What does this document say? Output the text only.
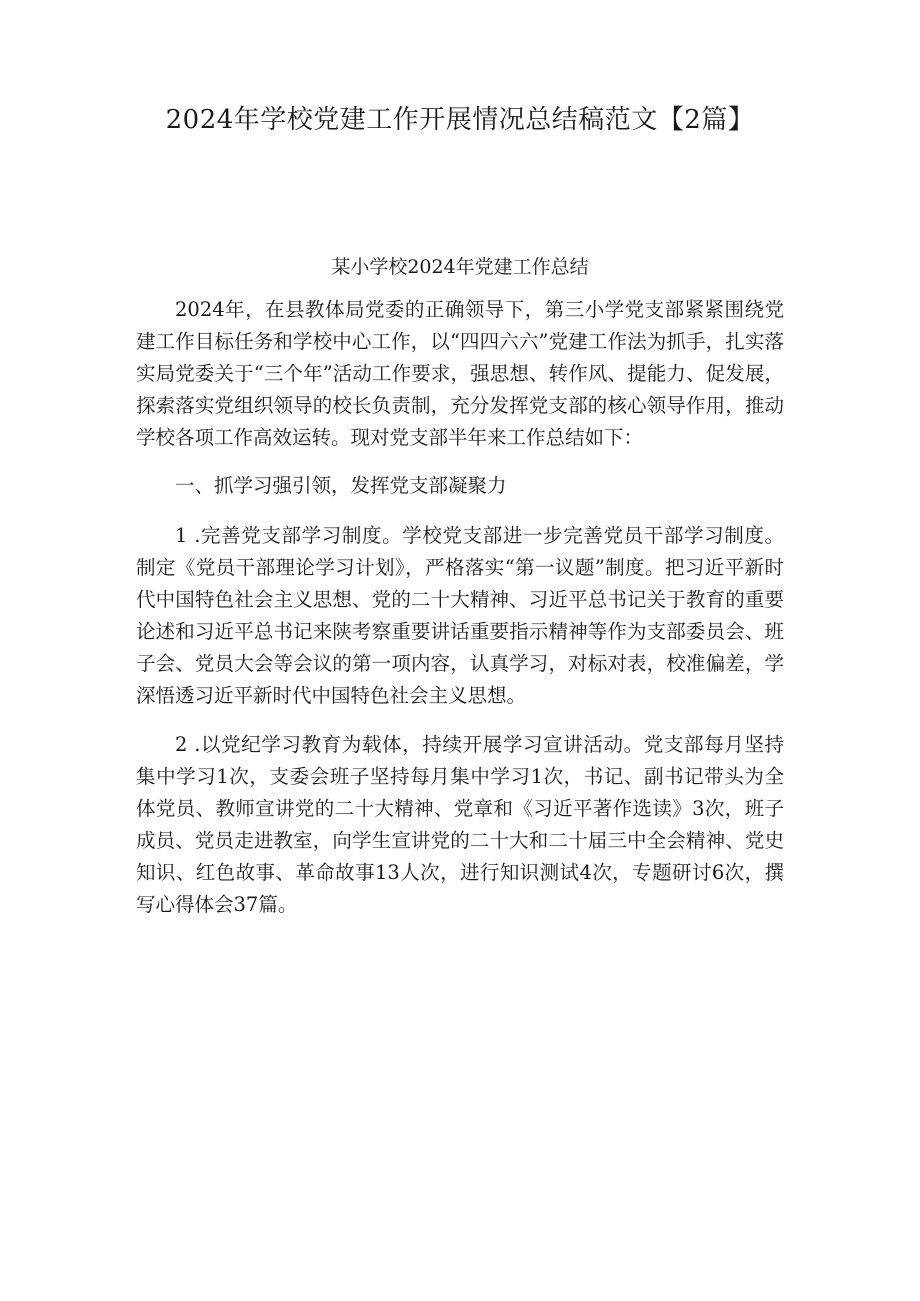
2024年学校党建工作开展情况总结稿范文【2篇】
某小学校2024年党建工作总结

2024年，在县教体局党委的正确领导下，第三小学党支部紧紧围绕党建工作目标任务和学校中心工作，以“四四六六”党建工作法为抓手，扎实落实局党委关于“三个年”活动工作要求，强思想、转作风、提能力、促发展，探索落实党组织领导的校长负责制，充分发挥党支部的核心领导作用，推动学校各项工作高效运转。现对党支部半年来工作总结如下：

一、抓学习强引领，发挥党支部凝聚力

1 .完善党支部学习制度。学校党支部进一步完善党员干部学习制度。制定《党员干部理论学习计划》，严格落实“第一议题”制度。把习近平新时代中国特色社会主义思想、党的二十大精神、习近平总书记关于教育的重要论述和习近平总书记来陕考察重要讲话重要指示精神等作为支部委员会、班子会、党员大会等会议的第一项内容，认真学习，对标对表，校准偏差，学深悟透习近平新时代中国特色社会主义思想。

2 .以党纪学习教育为载体，持续开展学习宣讲活动。党支部每月坚持集中学习1次，支委会班子坚持每月集中学习1次，书记、副书记带头为全体党员、教师宣讲党的二十大精神、党章和《习近平著作选读》3次，班子成员、党员走进教室，向学生宣讲党的二十大和二十届三中全会精神、党史知识、红色故事、革命故事13人次，进行知识测试4次，专题研讨6次，撰写心得体会37篇。
